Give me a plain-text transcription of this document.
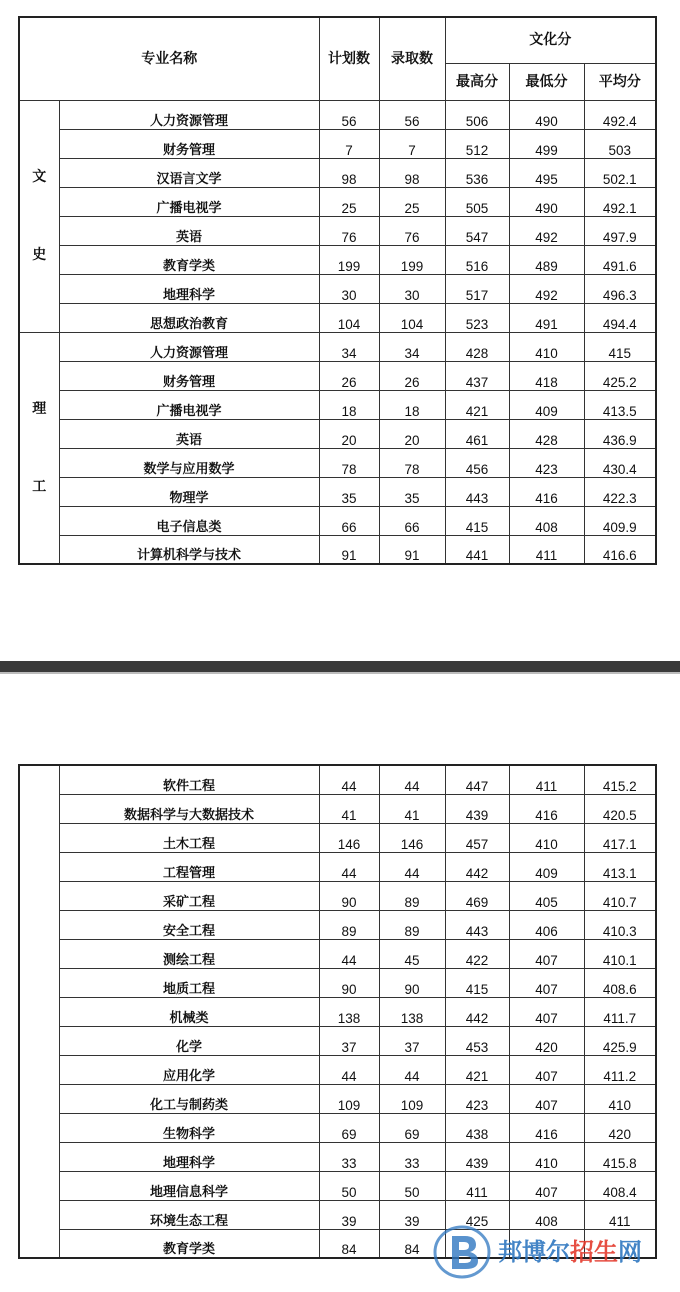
专业名称		计划数	录取数	文化分		
				最高分	最低分	平均分

文
史	人力资源管理	56	56	506	490	492.4
	财务管理	7	7	512	499	503
	汉语言文学	98	98	536	495	502.1
	广播电视学	25	25	505	490	492.1
	英语	76	76	547	492	497.9
	教育学类	199	199	516	489	491.6
	地理科学	30	30	517	492	496.3
	思想政治教育	104	104	523	491	494.4

理
工	人力资源管理	34	34	428	410	415
	财务管理	26	26	437	418	425.2
	广播电视学	18	18	421	409	413.5
	英语	20	20	461	428	436.9
	数学与应用数学	78	78	456	423	430.4
	物理学	35	35	443	416	422.3
	电子信息类	66	66	415	408	409.9
	计算机科学与技术	91	91	441	411	416.6
	软件工程	44	44	447	411	415.2
	数据科学与大数据技术	41	41	439	416	420.5
	土木工程	146	146	457	410	417.1
	工程管理	44	44	442	409	413.1
	采矿工程	90	89	469	405	410.7
	安全工程	89	89	443	406	410.3
	测绘工程	44	45	422	407	410.1
	地质工程	90	90	415	407	408.6
	机械类	138	138	442	407	411.7
	化学	37	37	453	420	425.9
	应用化学	44	44	421	407	411.2
	化工与制药类	109	109	423	407	410
	生物科学	69	69	438	416	420
	地理科学	33	33	439	410	415.8
	地理信息科学	50	50	411	407	408.4
	环境生态工程	39	39	425	408	411
	教育学类	84	84				邦博尔招生网
